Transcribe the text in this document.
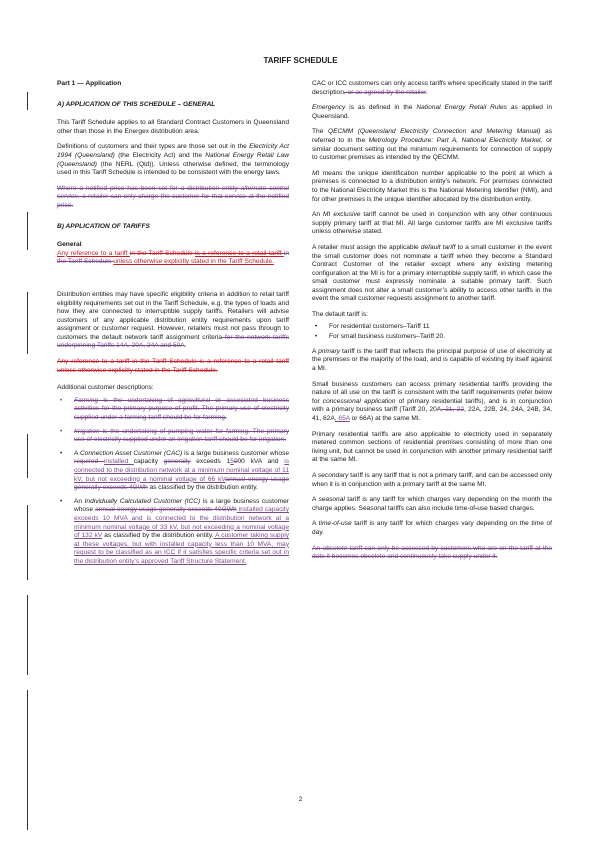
TARIFF SCHEDULE

Part 1 — Application

A) APPLICATION OF THIS SCHEDULE – GENERAL

This Tariff Schedule applies to all Standard Contract Customers in Queensland other than those in the Energex distribution area.

Definitions of customers and their types are those set out in the Electricity Act 1994 (Queensland) (the Electricity Act) and the National Energy Retail Law (Queensland) (the NERL (Qld)). Unless otherwise defined, the terminology used in this Tariff Schedule is intended to be consistent with the energy laws.

Where a notified price has been set for a distribution entity alternate control service, a retailer can only charge the customer for that service at the notified price.

B) APPLICATION OF TARIFFS

General

Any reference to a tariff in the Tariff Schedule is a reference to a retail tariff in the Tariff Schedule unless otherwise explicitly stated in the Tariff Schedule.

Distribution entities may have specific eligibility criteria in addition to retail tariff eligibility requirements set out in the Tariff Schedule, e.g. the types of loads and how they are connected to interruptible supply tariffs. Retailers will advise customers of any applicable distribution entity requirements upon tariff assignment or customer request. However, retailers must not pass through to customers the default network tariff assignment criteria for the network tariffs underpinning Tariffs 14A, 20A, 24A and 50A.

Any reference to a tariff in the Tariff Schedule is a reference to a retail tariff unless otherwise explicitly stated in the Tariff Schedule.

Additional customer descriptions:

• Farming is the undertaking of agricultural or associated business activities for the primary purpose of profit. The primary use of electricity supplied under a farming tariff should be for farming.
• Irrigation is the undertaking of pumping water for farming. The primary use of electricity supplied under an irrigation tariff should be for irrigation.
• A Connection Asset Customer (CAC) is a large business customer whose required installed capacity generally exceeds 15000 kVA and is connected to the distribution network at a minimum nominal voltage of 11 kV, but not exceeding a nominal voltage of 66 kVannual energy usage generally exceeds 4GWh as classified by the distribution entity.
• An Individually Calculated Customer (ICC) is a large business customer whose annual energy usage generally exceeds 40GWh installed capacity exceeds 10 MVA and is connected to the distribution network at a minimum nominal voltage of 33 kV, but not exceeding a nominal voltage of 132 kV as classified by the distribution entity. A customer taking supply at these voltages, but with installed capacity less than 10 MVA, may request to be classified as an ICC if it satisfies specific criteria set out in the distribution entity’s approved Tariff Structure Statement.

CAC or ICC customers can only access tariffs where specifically stated in the tariff description, or as agreed by the retailer.

Emergency is as defined in the National Energy Retail Rules as applied in Queensland.

The QECMM (Queensland Electricity Connection and Metering Manual) as referred to in the Metrology Procedure: Part A, National Electricity Market, or similar document setting out the minimum requirements for connection of supply to customer premises as intended by the QECMM.

MI means the unique identification number applicable to the point at which a premises is connected to a distribution entity’s network. For premises connected to the National Electricity Market this is the National Metering Identifier (NMI), and for other premises is the unique identifier allocated by the distribution entity.

An MI exclusive tariff cannot be used in conjunction with any other continuous supply primary tariff at that MI. All large customer tariffs are MI exclusive tariffs unless otherwise stated.

A retailer must assign the applicable default tariff to a small customer in the event the small customer does not nominate a tariff when they become a Standard Contract Customer of the retailer except where any existing metering configuration at the MI is for a primary interruptible supply tariff, in which case the small customer must expressly nominate a suitable primary tariff. Such assignment does not alter a small customer’s ability to access other tariffs in the event the small customer requests assignment to another tariff.

The default tariff is:

• For residential customers–Tariff 11
• For small business customers–Tariff 20.

A primary tariff is the tariff that reflects the principal purpose of use of electricity at the premises or the majority of the load, and is capable of existing by itself against a MI.

Small business customers can access primary residential tariffs providing the nature of all use on the tariff is consistent with the tariff requirements (refer below for concessional application of primary residential tariffs), and is in conjunction with a primary business tariff (Tariff 20, 20A, 21, 22, 22A, 22B, 24, 24A, 24B, 34, 41, 62A, 65A or 66A) at the same MI.

Primary residential tariffs are also applicable to electricity used in separately metered common sections of residential premises consisting of more than one living unit, but cannot be used in conjunction with another primary residential tariff at the same MI.

A secondary tariff is any tariff that is not a primary tariff, and can be accessed only when it is in conjunction with a primary tariff at the same MI.

A seasonal tariff is any tariff for which charges vary depending on the month the charge applies. Seasonal tariffs can also include time-of-use based charges.

A time-of-use tariff is any tariff for which charges vary depending on the time of day.

An obsolete tariff can only be accessed by customers who are on the tariff at the date it becomes obsolete and continuously take supply under it.

2
